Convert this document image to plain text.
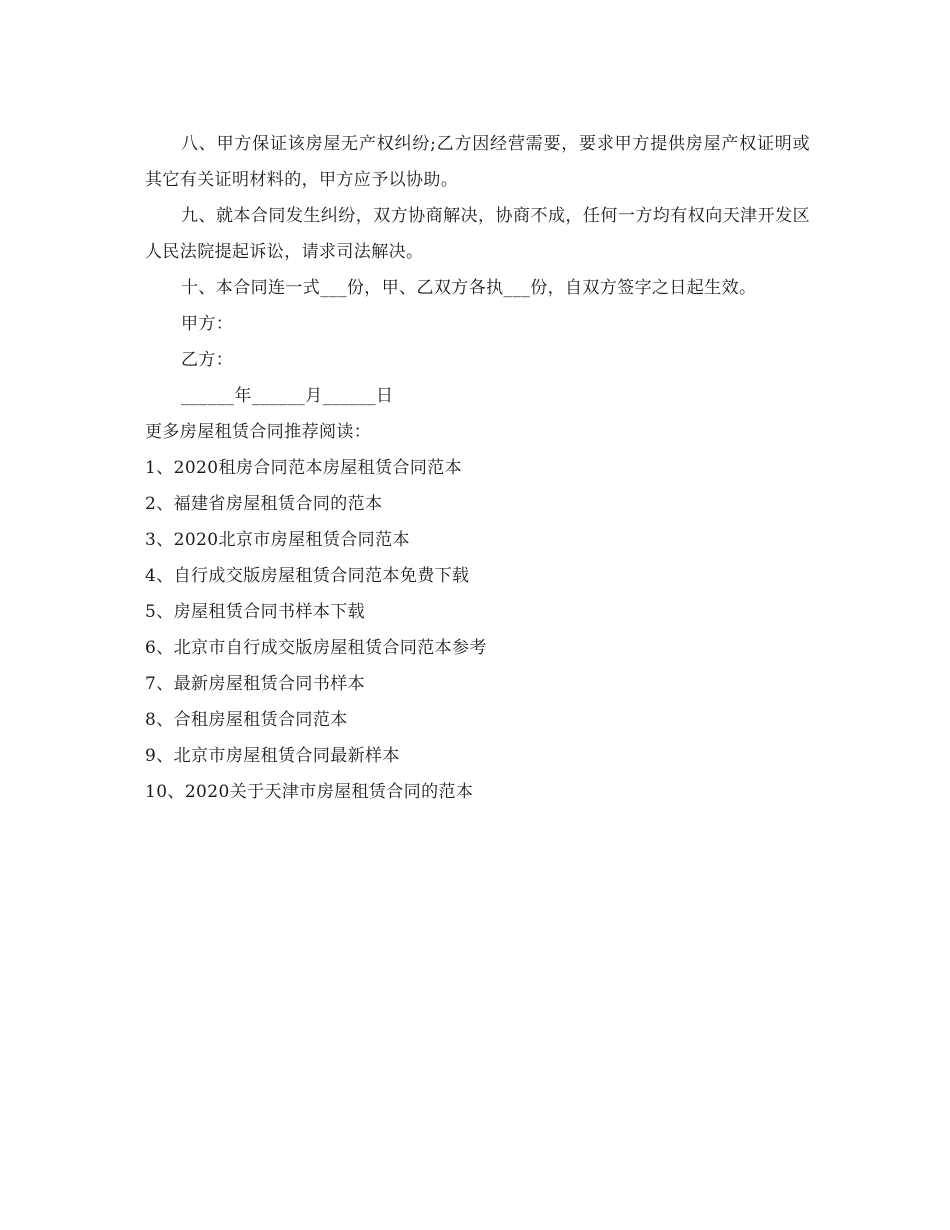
八、甲方保证该房屋无产权纠纷;乙方因经营需要，要求甲方提供房屋产权证明或其它有关证明材料的，甲方应予以协助。

九、就本合同发生纠纷，双方协商解决，协商不成，任何一方均有权向天津开发区人民法院提起诉讼，请求司法解决。

十、本合同连一式___份，甲、乙双方各执___份，自双方签字之日起生效。

甲方：

乙方：

______年______月______日

更多房屋租赁合同推荐阅读：

1、2020租房合同范本房屋租赁合同范本
2、福建省房屋租赁合同的范本
3、2020北京市房屋租赁合同范本
4、自行成交版房屋租赁合同范本免费下载
5、房屋租赁合同书样本下载
6、北京市自行成交版房屋租赁合同范本参考
7、最新房屋租赁合同书样本
8、合租房屋租赁合同范本
9、北京市房屋租赁合同最新样本
10、2020关于天津市房屋租赁合同的范本
